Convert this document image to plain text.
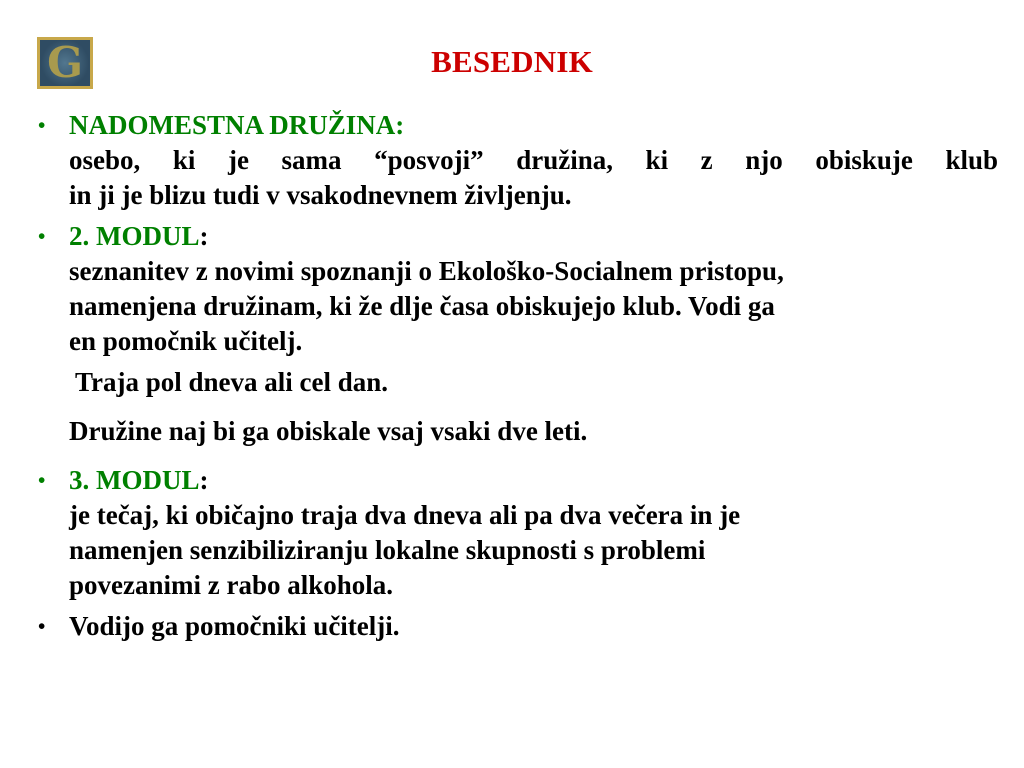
G	BESEDNIK
• NADOMESTNA DRUŽINA:
osebo, ki je sama “posvoji” družina, ki z njo obiskuje klub
in ji je blizu tudi v vsakodnevnem življenju.
• 2. MODUL:
seznanitev z novimi spoznanji o Ekološko-Socialnem pristopu,
namenjena družinam, ki že dlje časa obiskujejo klub. Vodi ga
en pomočnik učitelj.
Traja pol dneva ali cel dan.
Družine naj bi ga obiskale vsaj vsaki dve leti.
• 3. MODUL:
je tečaj, ki običajno traja dva dneva ali pa dva večera in je
namenjen senzibiliziranju lokalne skupnosti s problemi
povezanimi z rabo alkohola.
• Vodijo ga pomočniki učitelji.
